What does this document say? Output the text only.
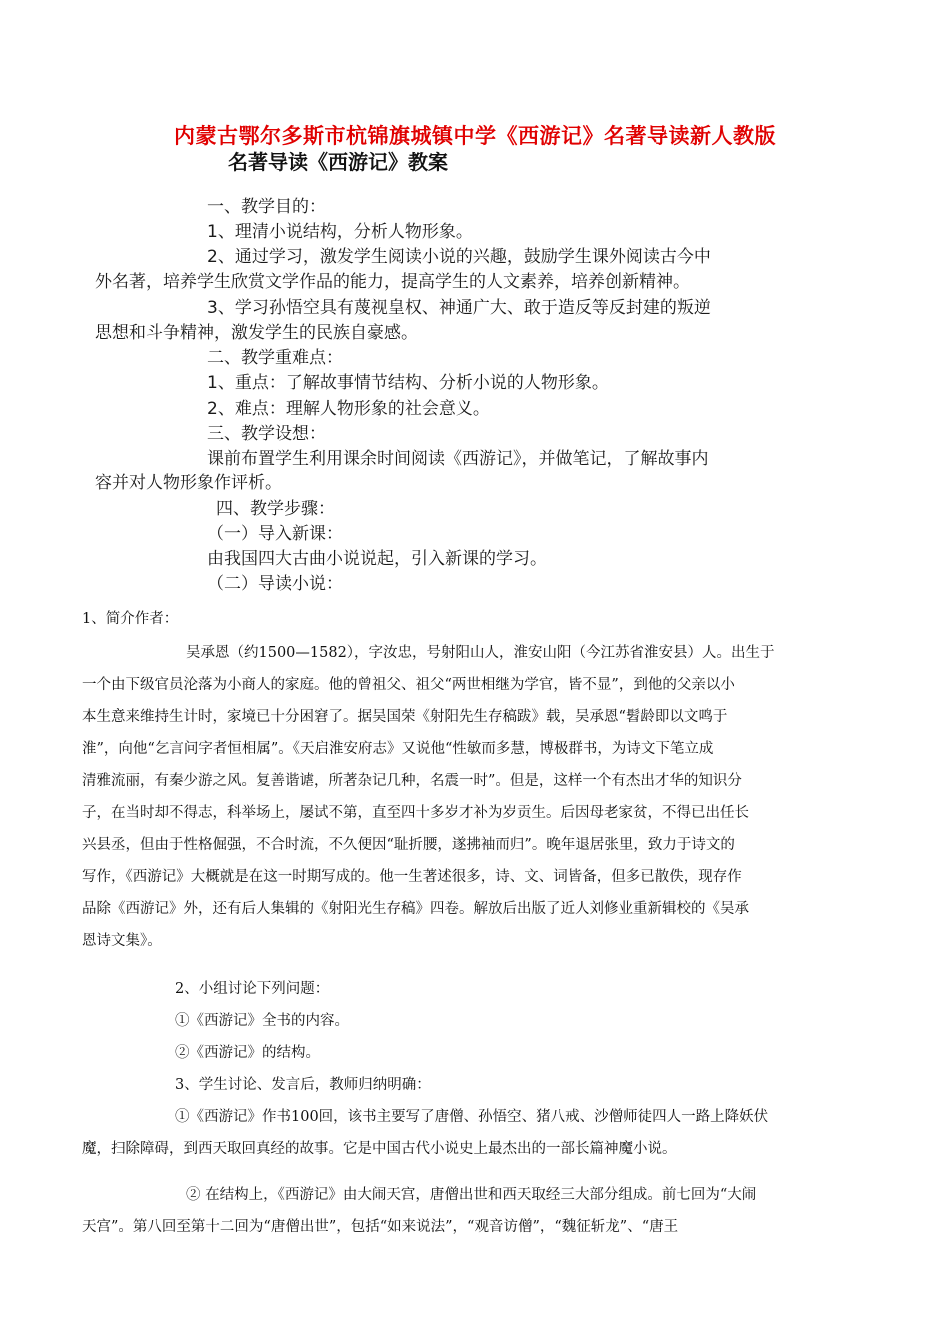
内蒙古鄂尔多斯市杭锦旗城镇中学《西游记》名著导读新人教版
名著导读《西游记》教案
一、教学目的：
1、理清小说结构，分析人物形象。
2、通过学习，激发学生阅读小说的兴趣，鼓励学生课外阅读古今中
外名著，培养学生欣赏文学作品的能力，提高学生的人文素养，培养创新精神。
3、学习孙悟空具有蔑视皇权、神通广大、敢于造反等反封建的叛逆
思想和斗争精神，激发学生的民族自豪感。
二、教学重难点：
1、重点：了解故事情节结构、分析小说的人物形象。
2、难点：理解人物形象的社会意义。
三、教学设想：
课前布置学生利用课余时间阅读《西游记》，并做笔记，了解故事内
容并对人物形象作评析。
四、教学步骤：
（一）导入新课：
由我国四大古曲小说说起，引入新课的学习。
（二）导读小说：

1、简介作者：

吴承恩（约1500—1582），字汝忠，号射阳山人，淮安山阳（今江苏省淮安县）人。出生于

一个由下级官员沦落为小商人的家庭。他的曾祖父、祖父“两世相继为学官，皆不显”，到他的父亲以小

本生意来维持生计时，家境已十分困窘了。据吴国荣《射阳先生存稿跋》载，吴承恩“髫龄即以文鸣于

淮”，向他“乞言问字者恒相属”。《天启淮安府志》又说他“性敏而多慧，博极群书，为诗文下笔立成

清雅流丽，有秦少游之风。复善谐谑，所著杂记几种，名震一时”。但是，这样一个有杰出才华的知识分

子，在当时却不得志，科举场上，屡试不第，直至四十多岁才补为岁贡生。后因母老家贫，不得已出任长

兴县丞，但由于性格倔强，不合时流，不久便因“耻折腰，遂拂袖而归”。晚年退居张里，致力于诗文的

写作，《西游记》大概就是在这一时期写成的。他一生著述很多，诗、文、词皆备，但多已散佚，现存作

品除《西游记》外，还有后人集辑的《射阳光生存稿》四卷。解放后出版了近人刘修业重新辑校的《吴承

恩诗文集》。

2、小组讨论下列问题：

①《西游记》全书的内容。

②《西游记》的结构。

3、学生讨论、发言后，教师归纳明确：

①《西游记》作书100回，该书主要写了唐僧、孙悟空、猪八戒、沙僧师徒四人一路上降妖伏

魔，扫除障碍，到西天取回真经的故事。它是中国古代小说史上最杰出的一部长篇神魔小说。

② 在结构上，《西游记》由大闹天宫，唐僧出世和西天取经三大部分组成。前七回为“大闹

天宫”。第八回至第十二回为“唐僧出世”，包括“如来说法”，“观音访僧”，“魏征斩龙”、“唐王
